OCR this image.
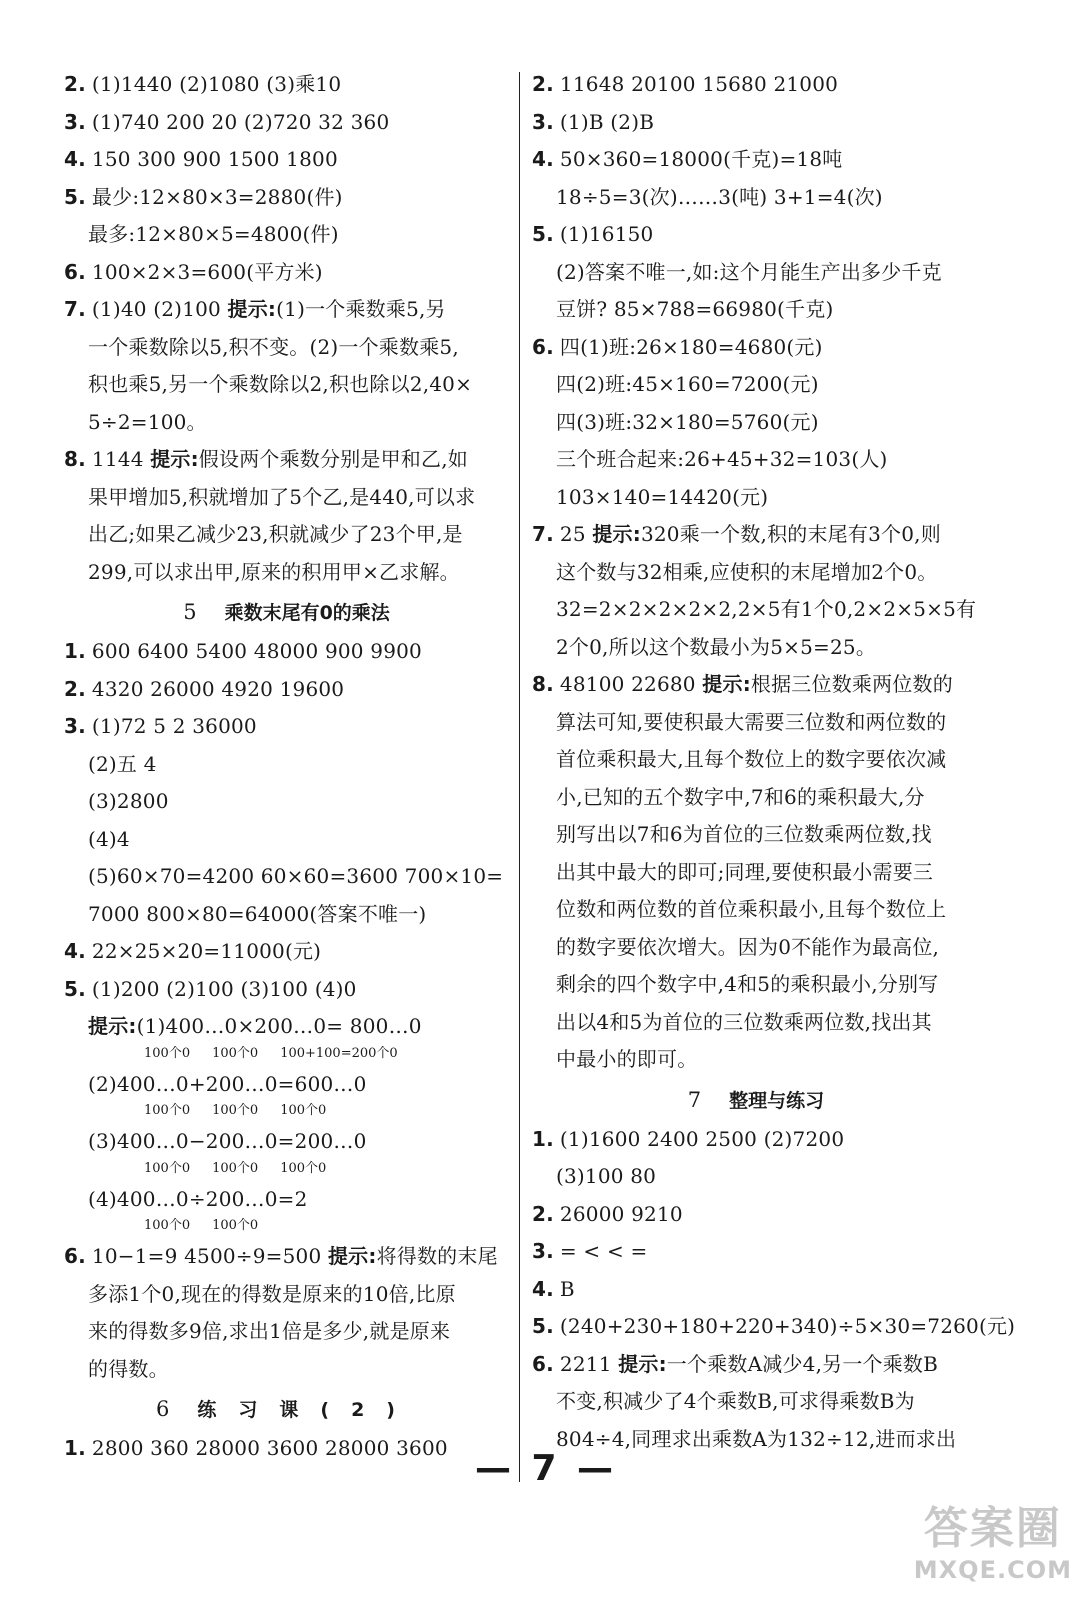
2. (1)1440 (2)1080 (3)乘10
3. (1)740 200 20 (2)720 32 360
4. 150 300 900 1500 1800
5. 最少:12×80×3=2880(件)
最多:12×80×5=4800(件)
6. 100×2×3=600(平方米)
7. (1)40 (2)100 提示:(1)一个乘数乘5,另
一个乘数除以5,积不变。(2)一个乘数乘5,
积也乘5,另一个乘数除以2,积也除以2,40×
5÷2=100。
8. 1144 提示:假设两个乘数分别是甲和乙,如
果甲增加5,积就增加了5个乙,是440,可以求
出乙;如果乙减少23,积就减少了23个甲,是
299,可以求出甲,原来的积用甲×乙求解。
5 乘数末尾有0的乘法
1. 600 6400 5400 48000 900 9900
2. 4320 26000 4920 19600
3. (1)72 5 2 36000
(2)五 4
(3)2800
(4)4
(5)60×70=4200 60×60=3600 700×10=
7000 800×80=64000(答案不唯一)
4. 22×25×20=11000(元)
5. (1)200 (2)100 (3)100 (4)0
提示:(1)400…0×200…0= 800…0
100个0 100个0 100+100=200个0
(2)400…0+200…0=600…0
100个0 100个0 100个0
(3)400…0−200…0=200…0
100个0 100个0 100个0
(4)400…0÷200…0=2
100个0 100个0
6. 10−1=9 4500÷9=500 提示:将得数的末尾
多添1个0,现在的得数是原来的10倍,比原
来的得数多9倍,求出1倍是多少,就是原来
的得数。
6 练习课(2)
1. 2800 360 28000 3600 28000 3600
2. 11648 20100 15680 21000
3. (1)B (2)B
4. 50×360=18000(千克)=18吨
18÷5=3(次)……3(吨) 3+1=4(次)
5. (1)16150
(2)答案不唯一,如:这个月能生产出多少千克
豆饼? 85×788=66980(千克)
6. 四(1)班:26×180=4680(元)
四(2)班:45×160=7200(元)
四(3)班:32×180=5760(元)
三个班合起来:26+45+32=103(人)
103×140=14420(元)
7. 25 提示:320乘一个数,积的末尾有3个0,则
这个数与32相乘,应使积的末尾增加2个0。
32=2×2×2×2×2,2×5有1个0,2×2×5×5有
2个0,所以这个数最小为5×5=25。
8. 48100 22680 提示:根据三位数乘两位数的
算法可知,要使积最大需要三位数和两位数的
首位乘积最大,且每个数位上的数字要依次减
小,已知的五个数字中,7和6的乘积最大,分
别写出以7和6为首位的三位数乘两位数,找
出其中最大的即可;同理,要使积最小需要三
位数和两位数的首位乘积最小,且每个数位上
的数字要依次增大。因为0不能作为最高位,
剩余的四个数字中,4和5的乘积最小,分别写
出以4和5为首位的三位数乘两位数,找出其
中最小的即可。
7 整理与练习
1. (1)1600 2400 2500 (2)7200
(3)100 80
2. 26000 9210
3. = < < =
4. B
5. (240+230+180+220+340)÷5×30=7260(元)
6. 2211 提示:一个乘数A减少4,另一个乘数B
不变,积减少了4个乘数B,可求得乘数B为
804÷4,同理求出乘数A为132÷12,进而求出
— 7 —
答案圈
MXQE.COM
